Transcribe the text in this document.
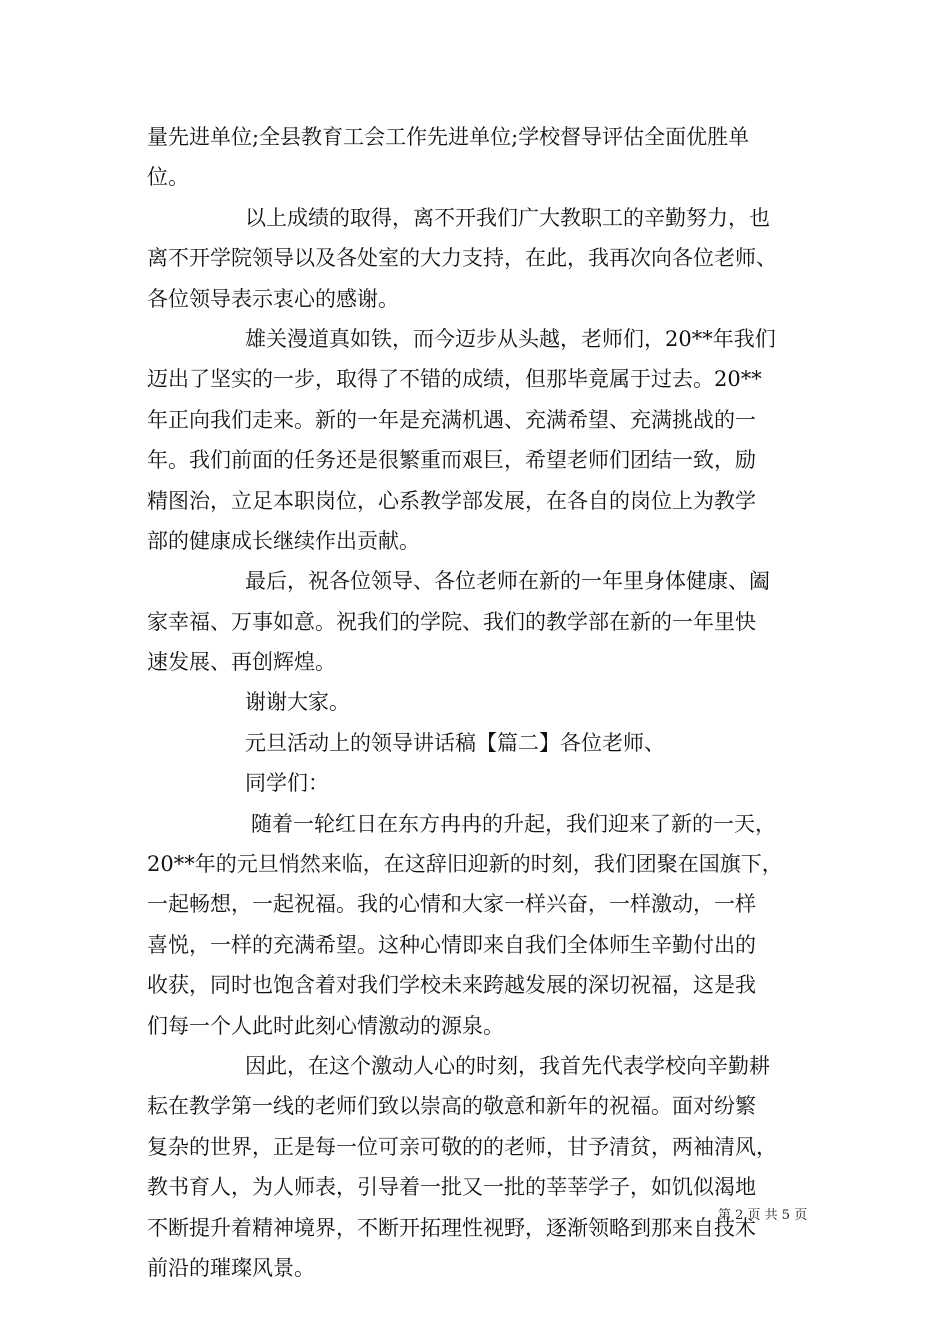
量先进单位;全县教育工会工作先进单位;学校督导评估全面优胜单
位。
以上成绩的取得，离不开我们广大教职工的辛勤努力，也
离不开学院领导以及各处室的大力支持，在此，我再次向各位老师、
各位领导表示衷心的感谢。
雄关漫道真如铁，而今迈步从头越，老师们，20**年我们
迈出了坚实的一步，取得了不错的成绩，但那毕竟属于过去。20**
年正向我们走来。新的一年是充满机遇、充满希望、充满挑战的一
年。我们前面的任务还是很繁重而艰巨，希望老师们团结一致，励
精图治，立足本职岗位，心系教学部发展，在各自的岗位上为教学
部的健康成长继续作出贡献。
最后，祝各位领导、各位老师在新的一年里身体健康、阖
家幸福、万事如意。祝我们的学院、我们的教学部在新的一年里快
速发展、再创辉煌。
谢谢大家。
元旦活动上的领导讲话稿【篇二】各位老师、
同学们：
随着一轮红日在东方冉冉的升起，我们迎来了新的一天，
20**年的元旦悄然来临，在这辞旧迎新的时刻，我们团聚在国旗下，
一起畅想，一起祝福。我的心情和大家一样兴奋，一样激动，一样
喜悦，一样的充满希望。这种心情即来自我们全体师生辛勤付出的
收获，同时也饱含着对我们学校未来跨越发展的深切祝福，这是我
们每一个人此时此刻心情激动的源泉。
因此，在这个激动人心的时刻，我首先代表学校向辛勤耕
耘在教学第一线的老师们致以崇高的敬意和新年的祝福。面对纷繁
复杂的世界，正是每一位可亲可敬的的老师，甘予清贫，两袖清风，
教书育人，为人师表，引导着一批又一批的莘莘学子，如饥似渴地
不断提升着精神境界，不断开拓理性视野，逐渐领略到那来自技术
前沿的璀璨风景。
第 2 页 共 5 页
